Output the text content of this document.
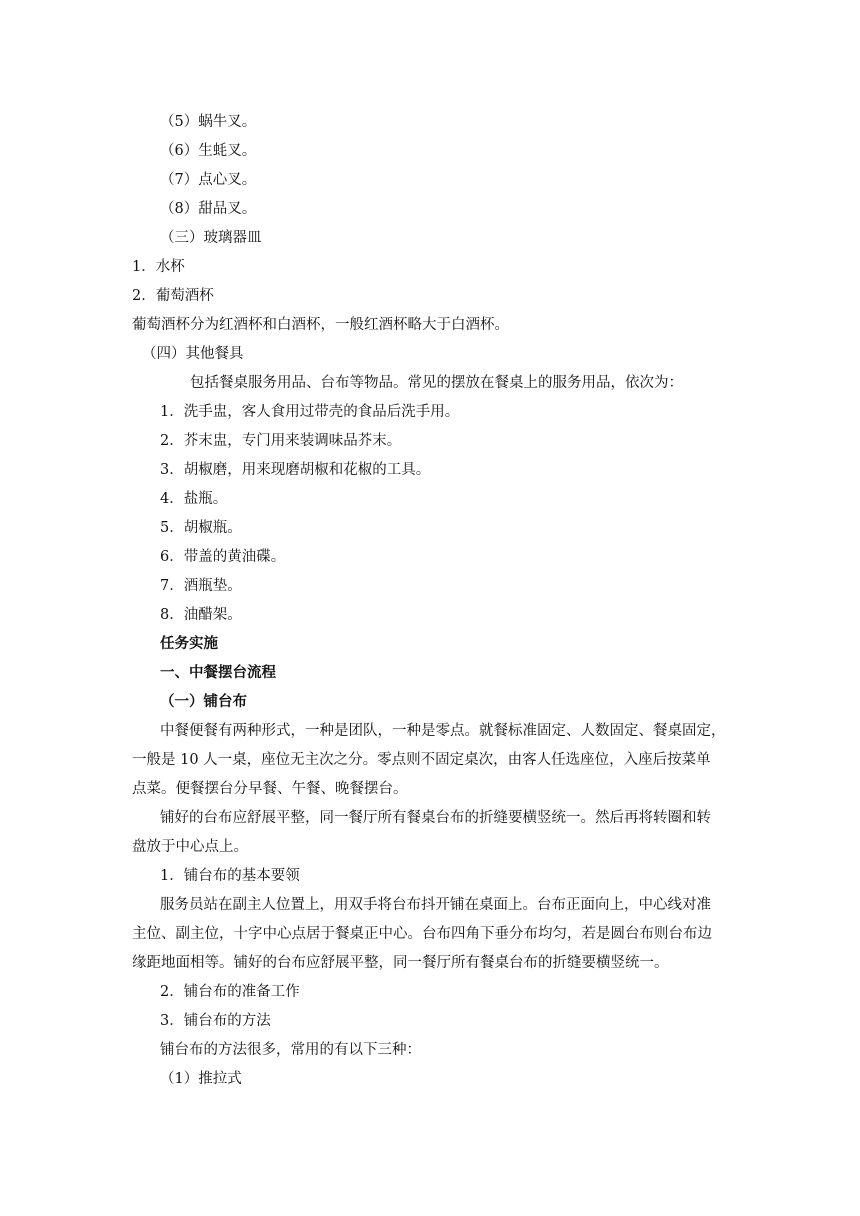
（5）蜗牛叉。
（6）生蚝叉。
（7）点心叉。
（8）甜品叉。
（三）玻璃器皿
1．水杯
2．葡萄酒杯
葡萄酒杯分为红酒杯和白酒杯，一般红酒杯略大于白酒杯。
（四）其他餐具
包括餐桌服务用品、台布等物品。常见的摆放在餐桌上的服务用品，依次为：
1．洗手盅，客人食用过带壳的食品后洗手用。
2．芥末盅，专门用来装调味品芥末。
3．胡椒磨，用来现磨胡椒和花椒的工具。
4．盐瓶。
5．胡椒瓶。
6．带盖的黄油碟。
7．酒瓶垫。
8．油醋架。
任务实施
一、中餐摆台流程
（一）铺台布
中餐便餐有两种形式，一种是团队，一种是零点。就餐标准固定、人数固定、餐桌固定，
一般是 10 人一桌，座位无主次之分。零点则不固定桌次，由客人任选座位，入座后按菜单
点菜。便餐摆台分早餐、午餐、晚餐摆台。
铺好的台布应舒展平整，同一餐厅所有餐桌台布的折缝要横竖统一。然后再将转圈和转
盘放于中心点上。
1．铺台布的基本要领
服务员站在副主人位置上，用双手将台布抖开铺在桌面上。台布正面向上，中心线对准
主位、副主位，十字中心点居于餐桌正中心。台布四角下垂分布均匀，若是圆台布则台布边
缘距地面相等。铺好的台布应舒展平整，同一餐厅所有餐桌台布的折缝要横竖统一。
2．铺台布的准备工作
3．铺台布的方法
铺台布的方法很多，常用的有以下三种：
（1）推拉式
